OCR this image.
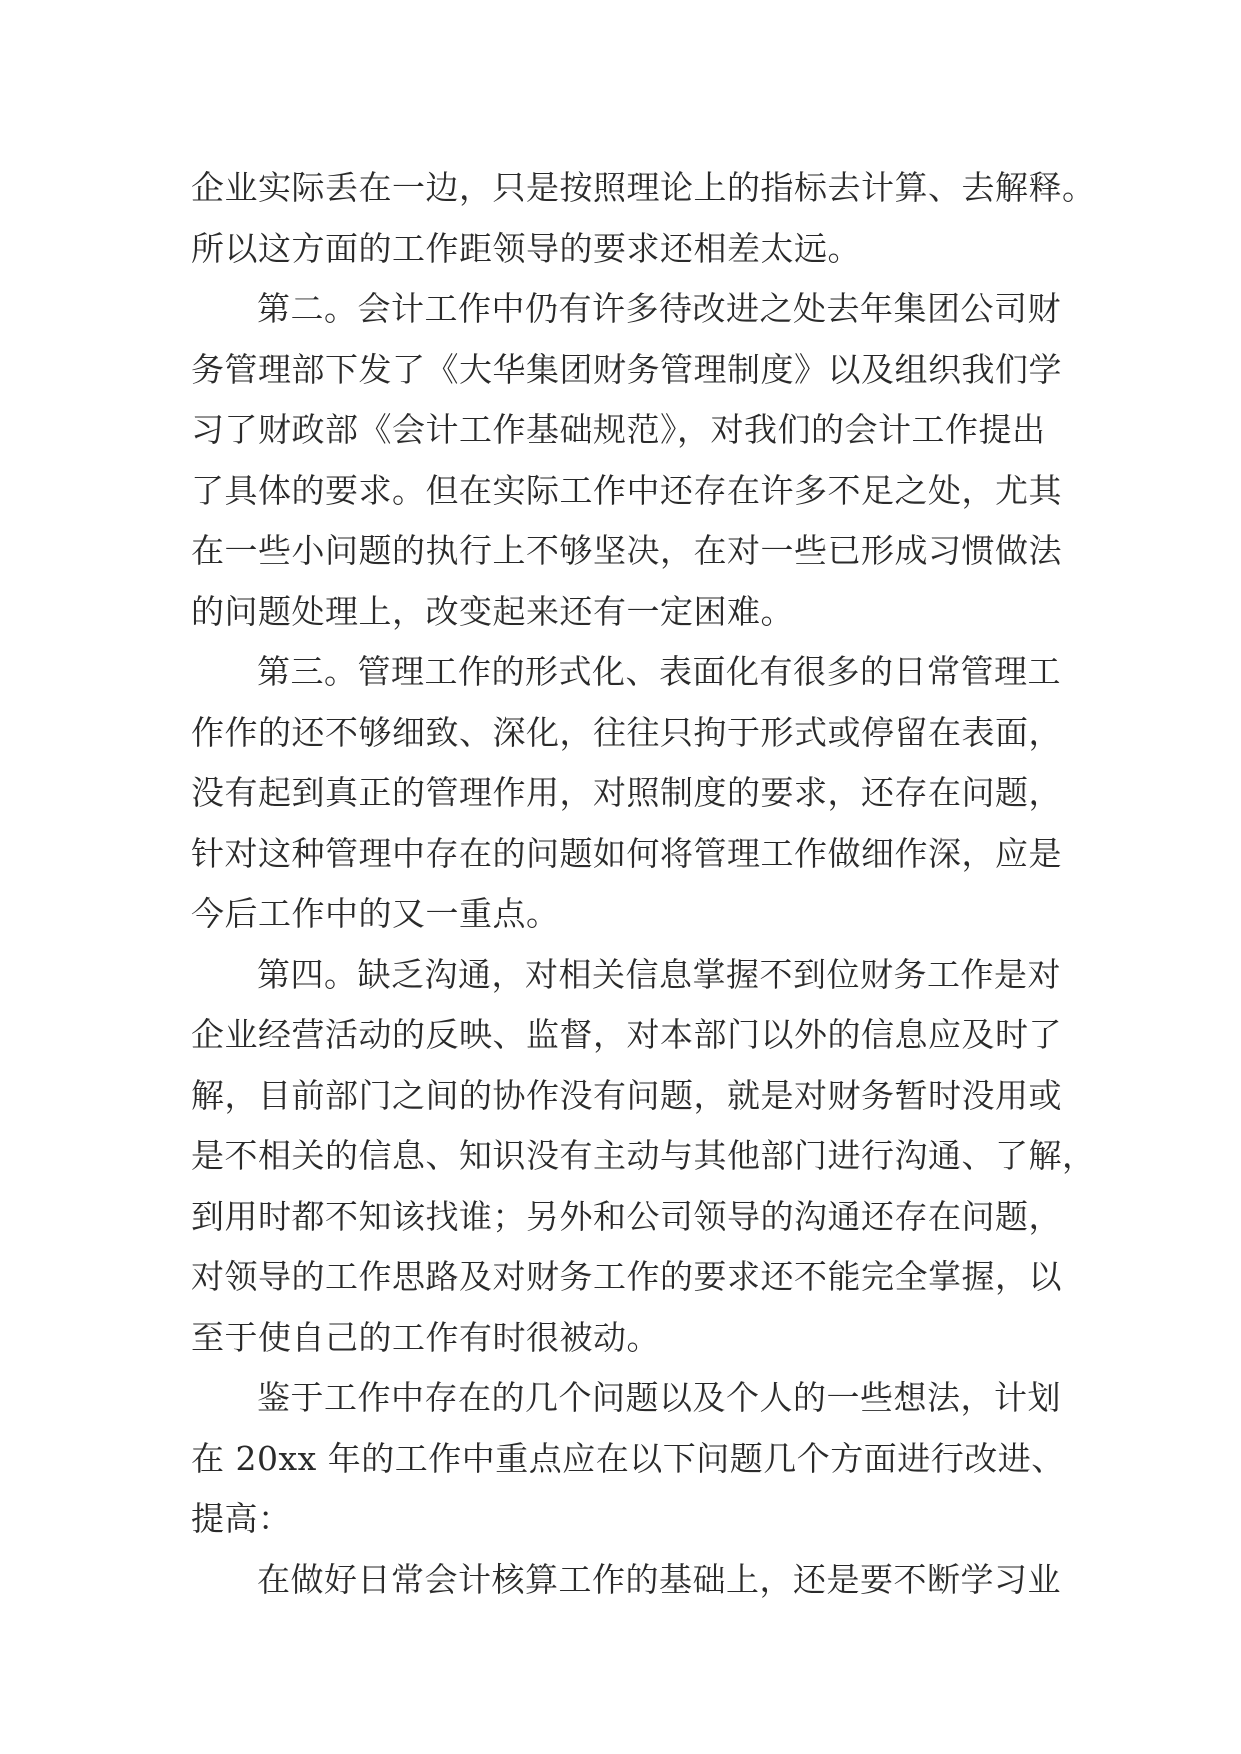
企业实际丢在一边，只是按照理论上的指标去计算、去解释。
所以这方面的工作距领导的要求还相差太远。
第二。会计工作中仍有许多待改进之处去年集团公司财
务管理部下发了《大华集团财务管理制度》以及组织我们学
习了财政部《会计工作基础规范》，对我们的会计工作提出
了具体的要求。但在实际工作中还存在许多不足之处，尤其
在一些小问题的执行上不够坚决，在对一些已形成习惯做法
的问题处理上，改变起来还有一定困难。
第三。管理工作的形式化、表面化有很多的日常管理工
作作的还不够细致、深化，往往只拘于形式或停留在表面，
没有起到真正的管理作用，对照制度的要求，还存在问题，
针对这种管理中存在的问题如何将管理工作做细作深，应是
今后工作中的又一重点。
第四。缺乏沟通，对相关信息掌握不到位财务工作是对
企业经营活动的反映、监督，对本部门以外的信息应及时了
解，目前部门之间的协作没有问题，就是对财务暂时没用或
是不相关的信息、知识没有主动与其他部门进行沟通、了解，
到用时都不知该找谁；另外和公司领导的沟通还存在问题，
对领导的工作思路及对财务工作的要求还不能完全掌握，以
至于使自己的工作有时很被动。
鉴于工作中存在的几个问题以及个人的一些想法，计划
在 20xx 年的工作中重点应在以下问题几个方面进行改进、
提高：
在做好日常会计核算工作的基础上，还是要不断学习业
